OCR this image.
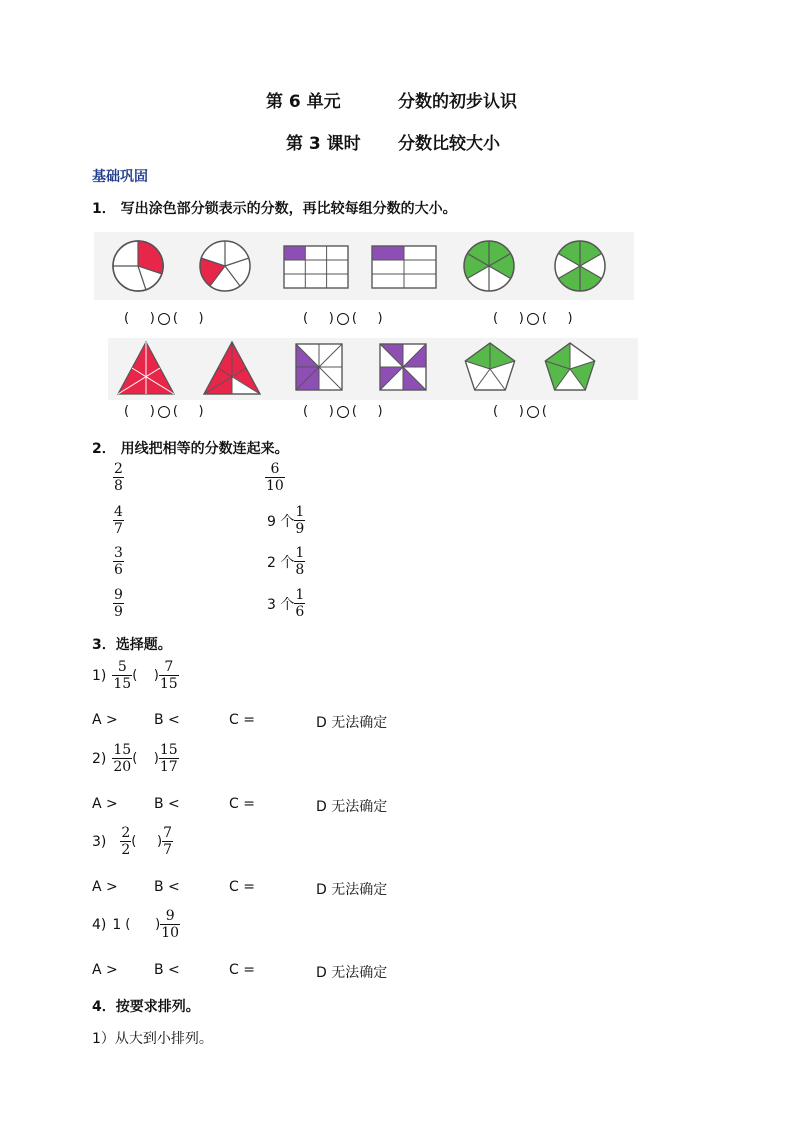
第 6 单元	分数的初步认识
第 3 课时 分数比较大小
基础巩固
1． 写出涂色部分锁表示的分数，再比较每组分数的大小。
(     ) (     )	(     ) (     )	(     ) (     )
(     ) (     )	(     ) (     )	(     ) (
2． 用线把相等的分数连起来。
$\frac{2}{8}$
$\frac{4}{7}$
$\frac{3}{6}$
$\frac{9}{9}$
$\frac{6}{10}$
9 个 $\frac{1}{9}$
2 个 $\frac{1}{8}$
3 个 $\frac{1}{6}$
3．选择题。
$1) \frac{5}{15}$ (    ) $\frac{7}{15}$
A >	B <	C =	D 无法确定
$2) \frac{15}{20}$ (    ) $\frac{15}{17}$
A >	B <	C =	D 无法确定
$3) \frac{2}{2}$ (     ) $\frac{7}{7}$
A >	B <	C =	D 无法确定
4) 1 (      ) $\frac{9}{10}$
A >	B <	C =	D 无法确定
4．按要求排列。
1）从大到小排列。
